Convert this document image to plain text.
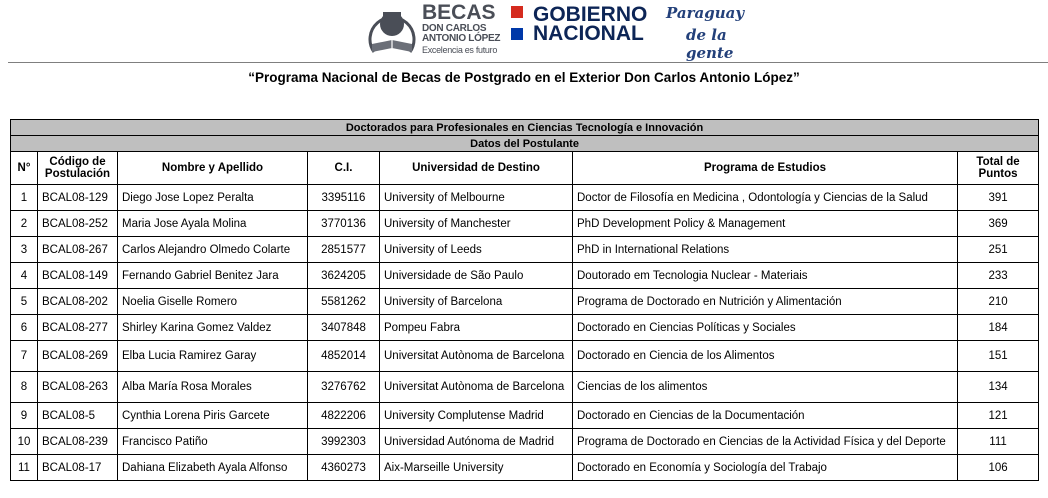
BECAS
DON CARLOS
ANTONIO LÓPEZ
Excelencia es futuro
GOBIERNO
NACIONAL
Paraguay
de la gente
“Programa Nacional de Becas de Postgrado en el Exterior Don Carlos Antonio López”
Doctorados para Profesionales en Ciencias Tecnología e Innovación						
Datos del Postulante						
N°	Código de Postulación	Nombre y Apellido	C.I.	Universidad de Destino	Programa de Estudios	Total de Puntos
1	BCAL08-129	Diego Jose Lopez Peralta	3395116	University of Melbourne	Doctor de Filosofía en Medicina , Odontología y Ciencias de la Salud	391
2	BCAL08-252	Maria Jose Ayala Molina	3770136	University of Manchester	PhD Development Policy & Management	369
3	BCAL08-267	Carlos Alejandro Olmedo Colarte	2851577	University of Leeds	PhD in International Relations	251
4	BCAL08-149	Fernando Gabriel Benitez Jara	3624205	Universidade de São Paulo	Doutorado em Tecnologia Nuclear - Materiais	233
5	BCAL08-202	Noelia Giselle Romero	5581262	University of Barcelona	Programa de Doctorado en Nutrición y Alimentación	210
6	BCAL08-277	Shirley Karina Gomez Valdez	3407848	Pompeu Fabra	Doctorado en Ciencias Políticas y Sociales	184
7	BCAL08-269	Elba Lucia Ramirez Garay	4852014	Universitat Autònoma de Barcelona	Doctorado en Ciencia de los Alimentos	151
8	BCAL08-263	Alba María Rosa Morales	3276762	Universitat Autònoma de Barcelona	Ciencias de los alimentos	134
9	BCAL08-5	Cynthia Lorena Piris Garcete	4822206	University Complutense Madrid	Doctorado en Ciencias de la Documentación	121
10	BCAL08-239	Francisco Patiño	3992303	Universidad Autónoma de Madrid	Programa de Doctorado en Ciencias de la Actividad Física y del Deporte	111
11	BCAL08-17	Dahiana Elizabeth Ayala Alfonso	4360273	Aix-Marseille University	Doctorado en Economía y Sociología del Trabajo	106
